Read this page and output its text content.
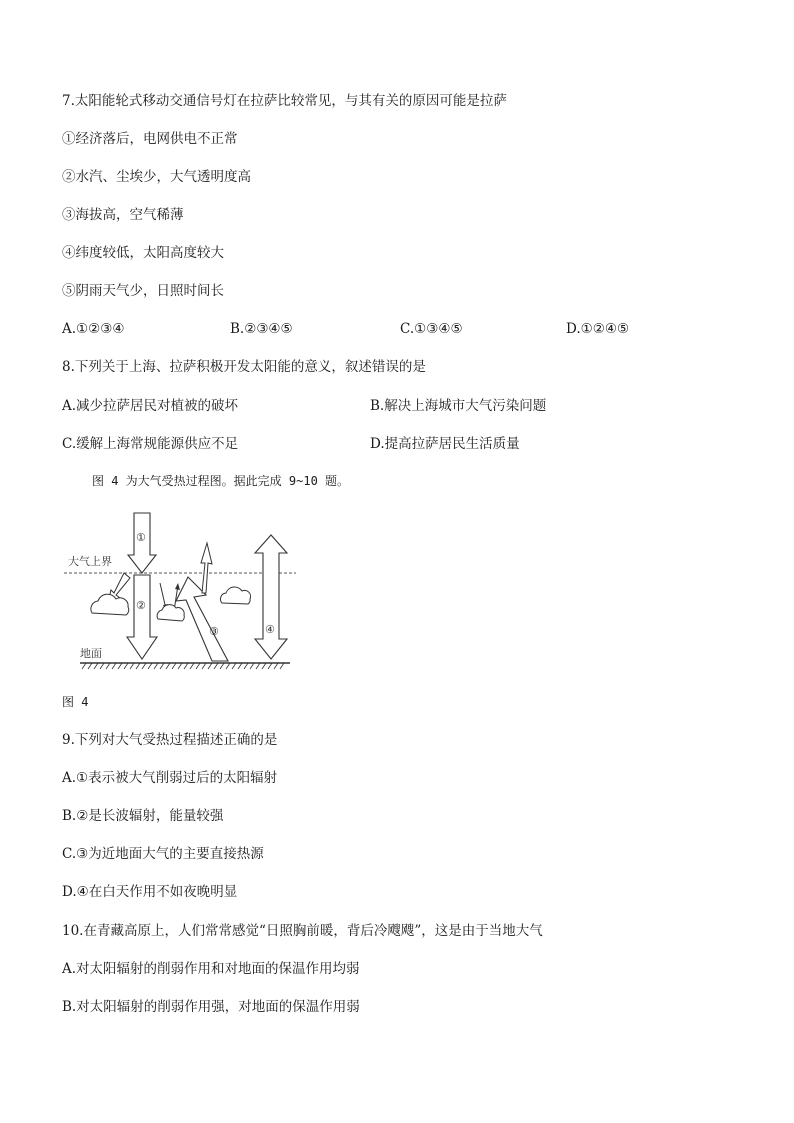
7.太阳能轮式移动交通信号灯在拉萨比较常见，与其有关的原因可能是拉萨
①经济落后，电网供电不正常
②水汽、尘埃少，大气透明度高
③海拔高，空气稀薄
④纬度较低，太阳高度较大
⑤阴雨天气少，日照时间长
A.①②③④	B.②③④⑤	C.①③④⑤	D.①②④⑤
8.下列关于上海、拉萨积极开发太阳能的意义，叙述错误的是
A.减少拉萨居民对植被的破坏	B.解决上海城市大气污染问题
C.缓解上海常规能源供应不足	D.提高拉萨居民生活质量
图 4 为大气受热过程图。据此完成 9~10 题。
大气上界
地面
①
②
③	④
图 4
9.下列对大气受热过程描述正确的是
A.①表示被大气削弱过后的太阳辐射
B.②是长波辐射，能量较强
C.③为近地面大气的主要直接热源
D.④在白天作用不如夜晚明显
10.在青藏高原上，人们常常感觉“日照胸前暖，背后冷飕飕”，这是由于当地大气
A.对太阳辐射的削弱作用和对地面的保温作用均弱
B.对太阳辐射的削弱作用强，对地面的保温作用弱
